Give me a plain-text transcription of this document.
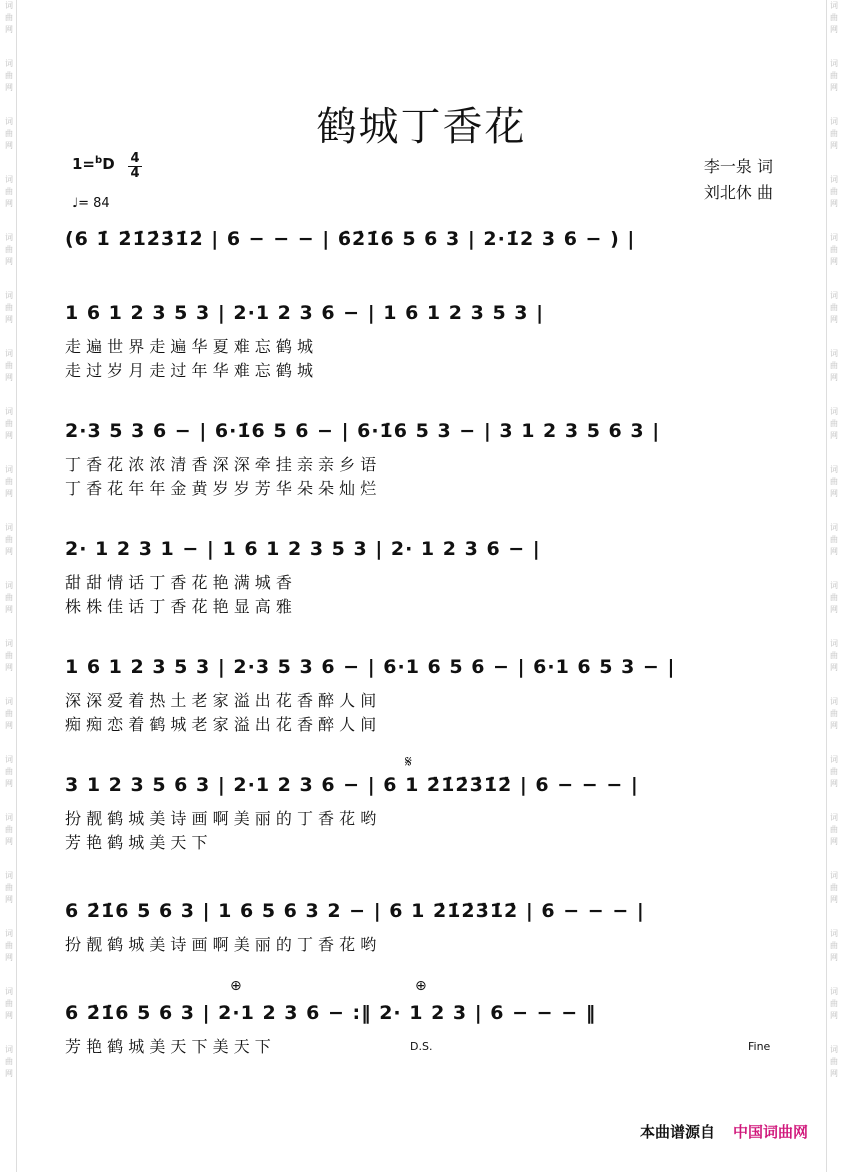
词
曲
网
词
曲
网
词
曲
网
词
曲
网
词
曲
网
词
曲
网
词
曲
网
词
曲
网
词
曲
网
词
曲
网
词
曲
网
词
曲
网
词
曲
网
词
曲
网
词
曲
网
词
曲
网
词
曲
网
词
曲
网
词
曲
网
词
曲
网
词
曲
网
词
曲
网
词
曲
网
词
曲
网
词
曲
网
词
曲
网
词
曲
网
词
曲
网
词
曲
网
词
曲
网
词
曲
网
词
曲
网
词
曲
网
词
曲
网
词
曲
网
词
曲
网
词
曲
网
词
曲
网
鹤城丁香花
1=$^b$D 4
4
♩= 84
李一泉 词
刘北休 曲
(6 1̇ 2̇1̇2̇3̇1̇2̇ | 6 − − − | 6̇2̇1̇6 5 6 3 | 2·1̇2 3 6 − ) |
1 6 1 2 3 5 3 | 2·1 2 3 6 − | 1 6 1 2 3 5 3 |
走 遍 世 界 走 遍 华 夏 难 忘 鹤 城
走 过 岁 月 走 过 年 华 难 忘 鹤 城
2·3 5 3 6 − | 6·1̇6 5 6 − | 6·1̇6 5 3 − | 3 1 2 3 5 6 3 |
丁 香 花 浓 浓 清 香 深 深 牵 挂 亲 亲 乡 语
丁 香 花 年 年 金 黄 岁 岁 芳 华 朵 朵 灿 烂
2· 1 2 3 1 − | 1 6 1 2 3 5 3 | 2· 1 2 3 6 − |
甜 甜 情 话 丁 香 花 艳 满 城 香
株 株 佳 话 丁 香 花 艳 显 高 雅
1 6 1 2 3 5 3 | 2·3 5 3 6 − | 6·1 6 5 6 − | 6·1 6 5 3 − |
深 深 爱 着 热 土 老 家 溢 出 花 香 醉 人 间
痴 痴 恋 着 鹤 城 老 家 溢 出 花 香 醉 人 间
3 1 2 3 5 6 3 | 2·1 2 3 6 − | 6 1 2̇1̇2̇3̇1̇2̇ | 6 − − − |
扮 靓 鹤 城 美 诗 画 啊 美 丽 的 丁 香 花 哟
芳 艳 鹤 城 美 天 下
6 2̇1̇6 5 6 3 | 1 6 5 6 3 2 − | 6 1 2̇1̇2̇3̇1̇2̇ | 6 − − − |
扮 靓 鹤 城 美 诗 画 啊 美 丽 的 丁 香 花 哟
6 2̇1̇6 5 6 3 | 2·1 2 3 6 − :‖ 2· 1 2 3 | 6 − − − ‖
芳 艳 鹤 城 美 天 下 美 天 下
本曲谱源自 中国词曲网
𝄋
⊕	⊕
D.S.	Fine
